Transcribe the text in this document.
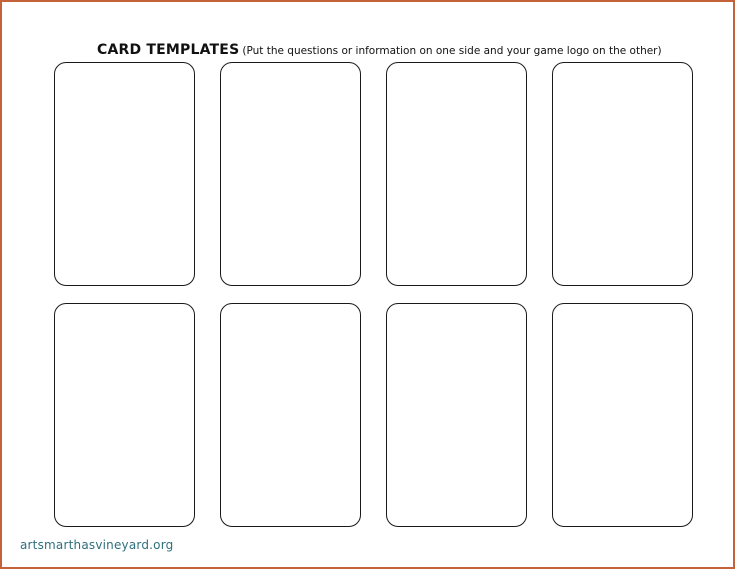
CARD TEMPLATES (Put the questions or information on one side and your game logo on the other)
artsmarthasvineyard.org
